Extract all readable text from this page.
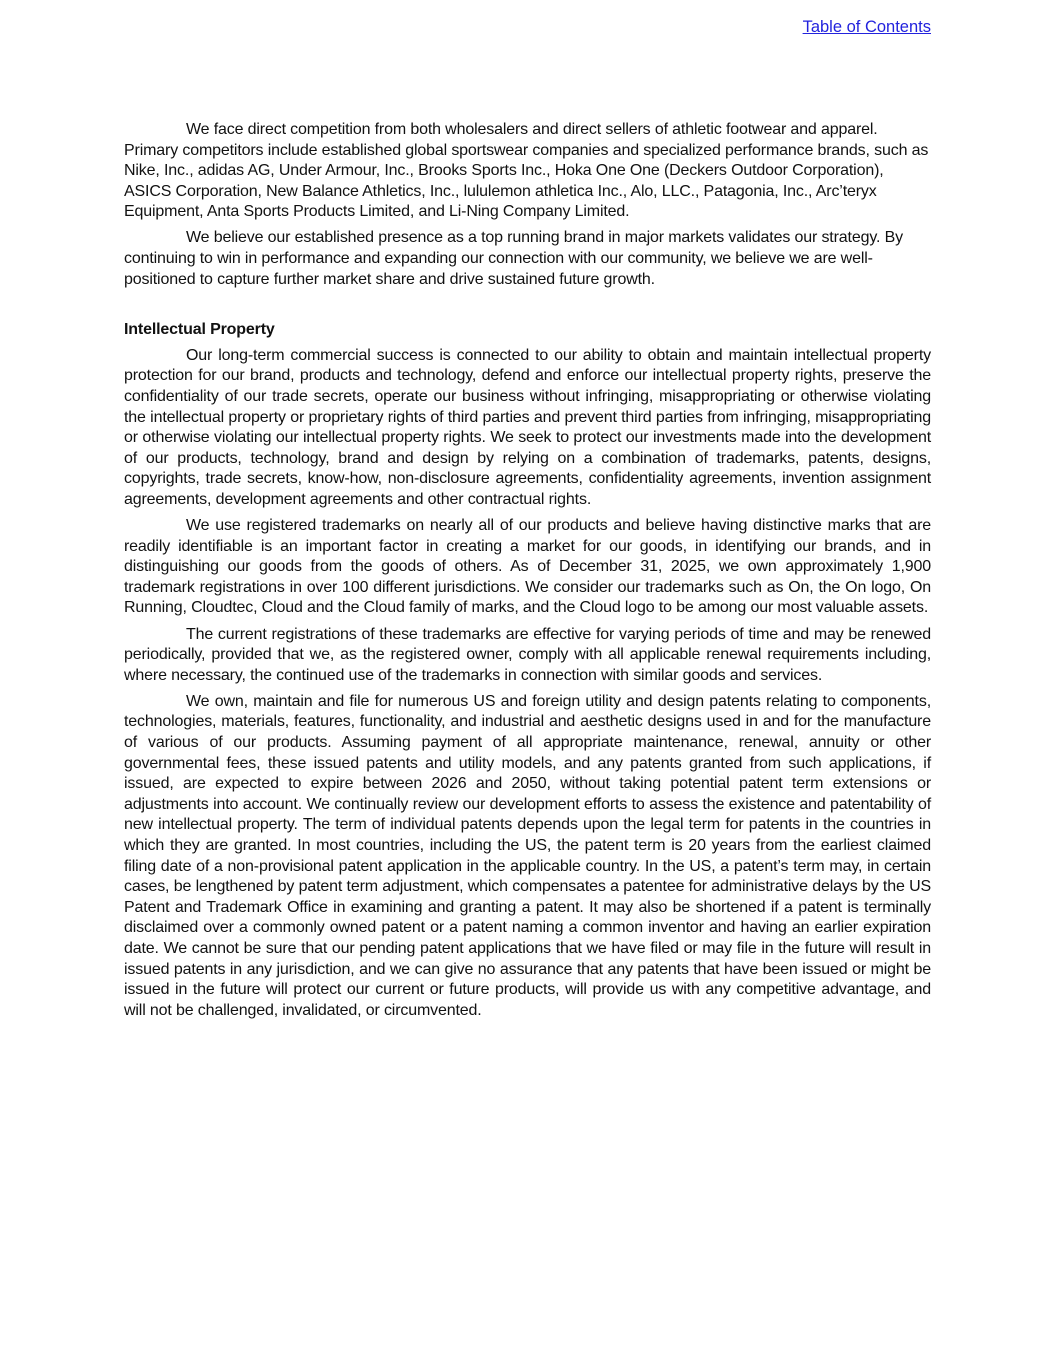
Table of Contents

We face direct competition from both wholesalers and direct sellers of athletic footwear and apparel. Primary competitors include established global sportswear companies and specialized performance brands, such as Nike, Inc., adidas AG, Under Armour, Inc., Brooks Sports Inc., Hoka One One (Deckers Outdoor Corporation), ASICS Corporation, New Balance Athletics, Inc., lululemon athletica Inc., Alo, LLC., Patagonia, Inc., Arc’teryx Equipment, Anta Sports Products Limited, and Li-Ning Company Limited.

We believe our established presence as a top running brand in major markets validates our strategy. By continuing to win in performance and expanding our connection with our community, we believe we are well-positioned to capture further market share and drive sustained future growth.

Intellectual Property

Our long-term commercial success is connected to our ability to obtain and maintain intellectual property protection for our brand, products and technology, defend and enforce our intellectual property rights, preserve the confidentiality of our trade secrets, operate our business without infringing, misappropriating or otherwise violating the intellectual property or proprietary rights of third parties and prevent third parties from infringing, misappropriating or otherwise violating our intellectual property rights. We seek to protect our investments made into the development of our products, technology, brand and design by relying on a combination of trademarks, patents, designs, copyrights, trade secrets, know-how, non-disclosure agreements, confidentiality agreements, invention assignment agreements, development agreements and other contractual rights.

We use registered trademarks on nearly all of our products and believe having distinctive marks that are readily identifiable is an important factor in creating a market for our goods, in identifying our brands, and in distinguishing our goods from the goods of others. As of December 31, 2025, we own approximately 1,900 trademark registrations in over 100 different jurisdictions. We consider our trademarks such as On, the On logo, On Running, Cloudtec, Cloud and the Cloud family of marks, and the Cloud logo to be among our most valuable assets.

The current registrations of these trademarks are effective for varying periods of time and may be renewed periodically, provided that we, as the registered owner, comply with all applicable renewal requirements including, where necessary, the continued use of the trademarks in connection with similar goods and services.

We own, maintain and file for numerous US and foreign utility and design patents relating to components, technologies, materials, features, functionality, and industrial and aesthetic designs used in and for the manufacture of various of our products. Assuming payment of all appropriate maintenance, renewal, annuity or other governmental fees, these issued patents and utility models, and any patents granted from such applications, if issued, are expected to expire between 2026 and 2050, without taking potential patent term extensions or adjustments into account. We continually review our development efforts to assess the existence and patentability of new intellectual property. The term of individual patents depends upon the legal term for patents in the countries in which they are granted. In most countries, including the US, the patent term is 20 years from the earliest claimed filing date of a non-provisional patent application in the applicable country. In the US, a patent’s term may, in certain cases, be lengthened by patent term adjustment, which compensates a patentee for administrative delays by the US Patent and Trademark Office in examining and granting a patent. It may also be shortened if a patent is terminally disclaimed over a commonly owned patent or a patent naming a common inventor and having an earlier expiration date. We cannot be sure that our pending patent applications that we have filed or may file in the future will result in issued patents in any jurisdiction, and we can give no assurance that any patents that have been issued or might be issued in the future will protect our current or future products, will provide us with any competitive advantage, and will not be challenged, invalidated, or circumvented.
